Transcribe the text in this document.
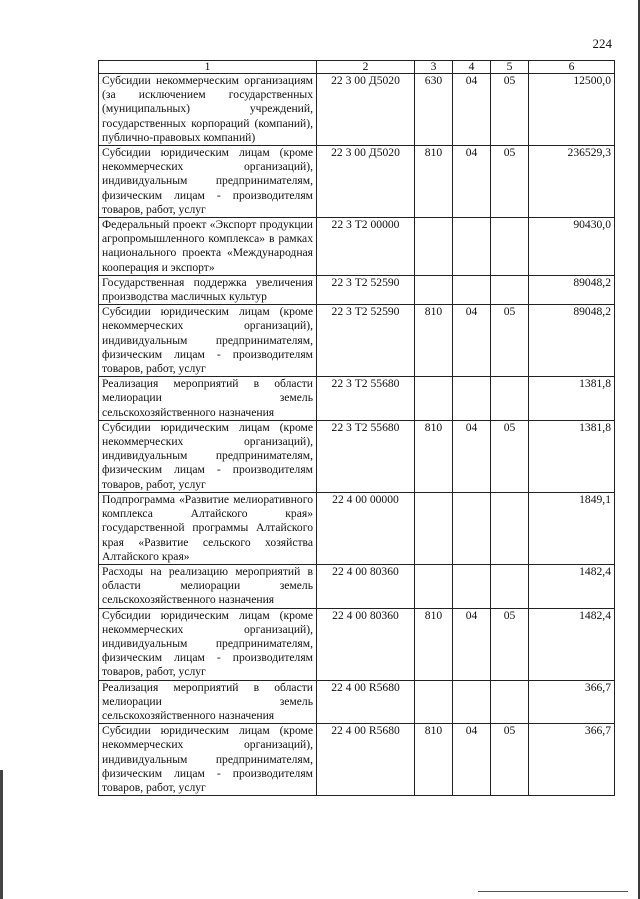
224
1	2	3	4	5	6
Субсидии некоммерческим организациям (за исключением государственных (муниципальных) учреждений, государственных корпораций (компаний), публично-правовых компаний)	22 3 00 Д5020	630	04	05	12500,0
Субсидии юридическим лицам (кроме некоммерческих организаций), индивидуальным предпринимателям, физическим лицам - производителям товаров, работ, услуг	22 3 00 Д5020	810	04	05	236529,3
Федеральный проект «Экспорт продукции агропромышленного комплекса» в рамках национального проекта «Международная кооперация и экспорт»	22 3 Т2 00000				90430,0
Государственная поддержка увеличения производства масличных культур	22 3 Т2 52590				89048,2
Субсидии юридическим лицам (кроме некоммерческих организаций), индивидуальным предпринимателям, физическим лицам - производителям товаров, работ, услуг	22 3 Т2 52590	810	04	05	89048,2
Реализация мероприятий в области мелиорации земель сельскохозяйственного назначения	22 3 Т2 55680				1381,8
Субсидии юридическим лицам (кроме некоммерческих организаций), индивидуальным предпринимателям, физическим лицам - производителям товаров, работ, услуг	22 3 Т2 55680	810	04	05	1381,8
Подпрограмма «Развитие мелиоративного комплекса Алтайского края» государственной программы Алтайского края «Развитие сельского хозяйства Алтайского края»	22 4 00 00000				1849,1
Расходы на реализацию мероприятий в области мелиорации земель сельскохозяйственного назначения	22 4 00 80360				1482,4
Субсидии юридическим лицам (кроме некоммерческих организаций), индивидуальным предпринимателям, физическим лицам - производителям товаров, работ, услуг	22 4 00 80360	810	04	05	1482,4
Реализация мероприятий в области мелиорации земель сельскохозяйственного назначения	22 4 00 R5680				366,7
Субсидии юридическим лицам (кроме некоммерческих организаций), индивидуальным предпринимателям, физическим лицам - производителям товаров, работ, услуг	22 4 00 R5680	810	04	05	366,7
